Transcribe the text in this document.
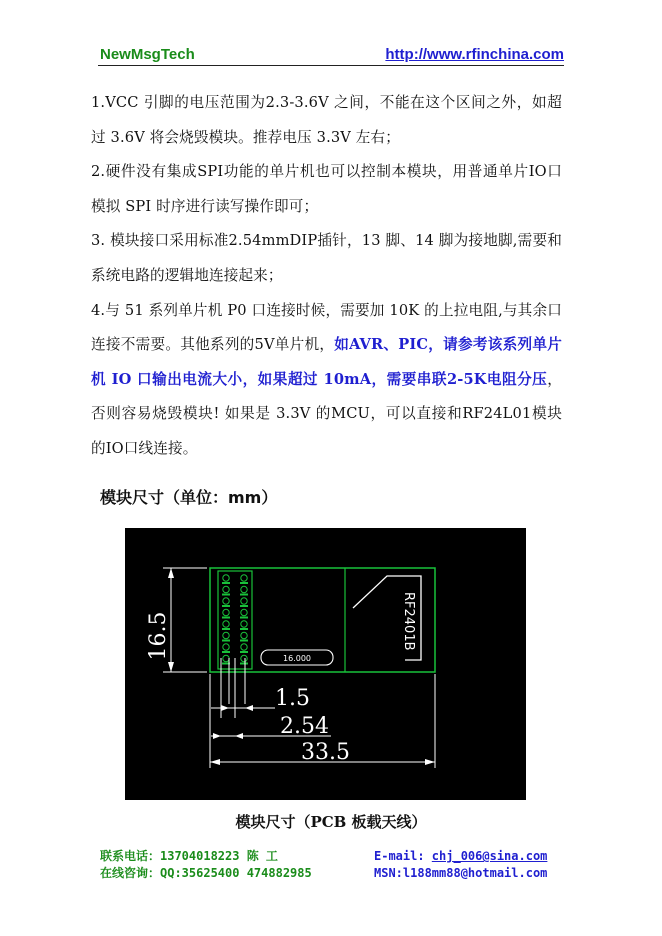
NewMsgTech	http://www.rfinchina.com

1.VCC 引脚的电压范围为2.3-3.6V 之间，不能在这个区间之外，如超过 3.6V 将会烧毁模块。推荐电压 3.3V 左右；

2.硬件没有集成SPI功能的单片机也可以控制本模块，用普通单片IO口模拟 SPI 时序进行读写操作即可；

3. 模块接口采用标准2.54mmDIP插针，13 脚、14 脚为接地脚,需要和系统电路的逻辑地连接起来；

4.与 51 系列单片机 P0 口连接时候，需要加 10K 的上拉电阻,与其余口连接不需要。其他系列的5V单片机，如AVR、PIC，请参考该系列单片机 IO 口输出电流大小，如果超过 10mA，需要串联2-5K电阻分压，否则容易烧毁模块! 如果是 3.3V 的MCU，可以直接和RF24L01模块的IO口线连接。

模块尺寸（单位：mm）
RF2401B
16.000
16.5
1.5
2.54
33.5
模块尺寸（PCB 板载天线）
联系电话：13704018223 陈 工
在线咨询：QQ:35625400 474882985
E-mail: chj_006@sina.com
MSN:l188mm88@hotmail.com
